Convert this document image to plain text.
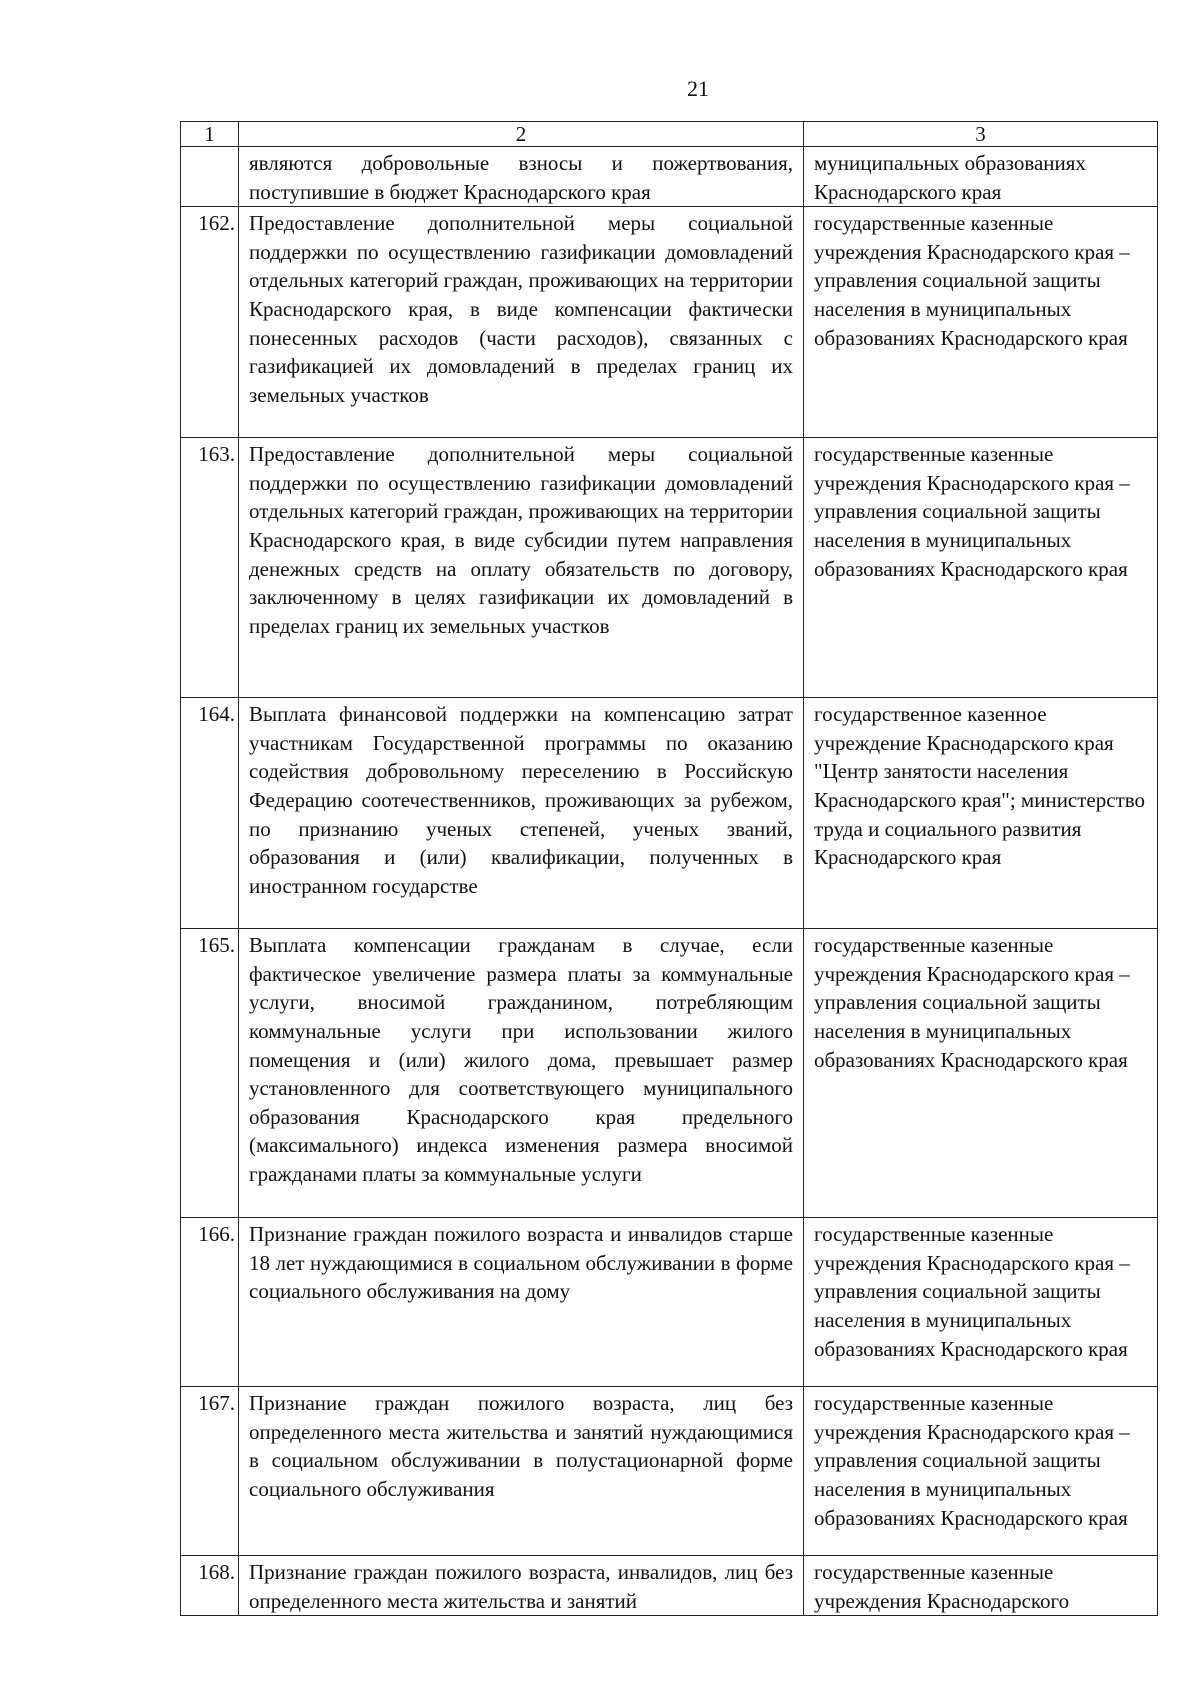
21
1	2	3
	являются добровольные взносы и пожертвования, поступившие в бюджет Краснодарского края	муниципальных образованиях Краснодарского края
162.	Предоставление дополнительной меры социальной поддержки по осуществлению газификации домовладений отдельных категорий граждан, проживающих на территории Краснодарского края, в виде компенсации фактически понесенных расходов (части расходов), связанных с газификацией их домовладений в пределах границ их земельных участков	государственные казенные учреждения Краснодарского края – управления социальной защиты населения в муниципальных образованиях Краснодарского края
163.	Предоставление дополнительной меры социальной поддержки по осуществлению газификации домовладений отдельных категорий граждан, проживающих на территории Краснодарского края, в виде субсидии путем направления денежных средств на оплату обязательств по договору, заключенному в целях газификации их домовладений в пределах границ их земельных участков	государственные казенные учреждения Краснодарского края – управления социальной защиты населения в муниципальных образованиях Краснодарского края
164.	Выплата финансовой поддержки на компенсацию затрат участникам Государственной программы по оказанию содействия добровольному переселению в Российскую Федерацию соотечественников, проживающих за рубежом, по признанию ученых степеней, ученых званий, образования и (или) квалификации, полученных в иностранном государстве	государственное казенное учреждение Краснодарского края "Центр занятости населения Краснодарского края"; министерство труда и социального развития Краснодарского края
165.	Выплата компенсации гражданам в случае, если фактическое увеличение размера платы за коммунальные услуги, вносимой гражданином, потребляющим коммунальные услуги при использовании жилого помещения и (или) жилого дома, превышает размер установленного для соответствующего муниципального образования Краснодарского края предельного (максимального) индекса изменения размера вносимой гражданами платы за коммунальные услуги	государственные казенные учреждения Краснодарского края – управления социальной защиты населения в муниципальных образованиях Краснодарского края
166.	Признание граждан пожилого возраста и инвалидов старше 18 лет нуждающимися в социальном обслуживании в форме социального обслуживания на дому	государственные казенные учреждения Краснодарского края – управления социальной защиты населения в муниципальных образованиях Краснодарского края
167.	Признание граждан пожилого возраста, лиц без определенного места жительства и занятий нуждающимися в социальном обслуживании в полустационарной форме социального обслуживания	государственные казенные учреждения Краснодарского края – управления социальной защиты населения в муниципальных образованиях Краснодарского края
168.	Признание граждан пожилого возраста, инвалидов, лиц без определенного места жительства и занятий	государственные казенные учреждения Краснодарского
